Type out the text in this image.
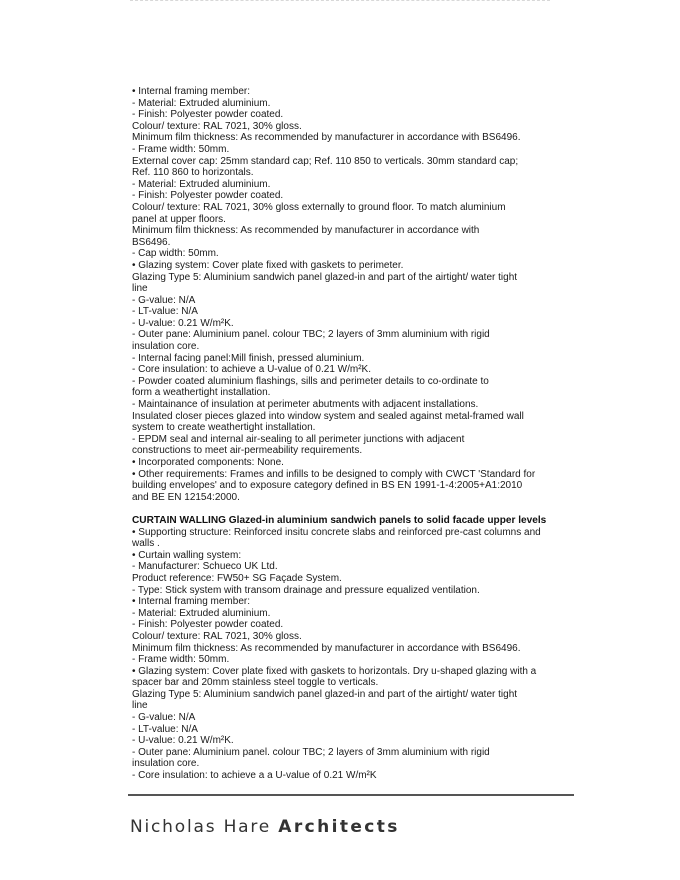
• Internal framing member:
- Material: Extruded aluminium.
- Finish: Polyester powder coated.
Colour/ texture: RAL 7021, 30% gloss.
Minimum film thickness: As recommended by manufacturer in accordance with BS6496.
- Frame width: 50mm.
External cover cap: 25mm standard cap; Ref. 110 850 to verticals. 30mm standard cap;
Ref. 110 860 to horizontals.
- Material: Extruded aluminium.
- Finish: Polyester powder coated.
Colour/ texture: RAL 7021, 30% gloss externally to ground floor. To match aluminium
panel at upper floors.
Minimum film thickness: As recommended by manufacturer in accordance with
BS6496.
- Cap width: 50mm.
• Glazing system: Cover plate fixed with gaskets to perimeter.
Glazing Type 5: Aluminium sandwich panel glazed-in and part of the airtight/ water tight
line
- G-value: N/A
- LT-value: N/A
- U-value: 0.21 W/m²K.
- Outer pane: Aluminium panel. colour TBC; 2 layers of 3mm aluminium with rigid
insulation core.
- Internal facing panel:Mill finish, pressed aluminium.
- Core insulation: to achieve a U-value of 0.21 W/m²K.
- Powder coated aluminium flashings, sills and perimeter details to co-ordinate to
form a weathertight installation.
- Maintainance of insulation at perimeter abutments with adjacent installations.
Insulated closer pieces glazed into window system and sealed against metal-framed wall
system to create weathertight installation.
- EPDM seal and internal air-sealing to all perimeter junctions with adjacent
constructions to meet air-permeability requirements.
• Incorporated components: None.
• Other requirements: Frames and infills to be designed to comply with CWCT 'Standard for
building envelopes' and to exposure category defined in BS EN 1991-1-4:2005+A1:2010
and BE EN 12154:2000.
CURTAIN WALLING Glazed-in aluminium sandwich panels to solid facade upper levels
• Supporting structure: Reinforced insitu concrete slabs and reinforced pre-cast columns and
walls .
• Curtain walling system:
- Manufacturer: Schueco UK Ltd.
Product reference: FW50+ SG Façade System.
- Type: Stick system with transom drainage and pressure equalized ventilation.
• Internal framing member:
- Material: Extruded aluminium.
- Finish: Polyester powder coated.
Colour/ texture: RAL 7021, 30% gloss.
Minimum film thickness: As recommended by manufacturer in accordance with BS6496.
- Frame width: 50mm.
• Glazing system: Cover plate fixed with gaskets to horizontals. Dry u-shaped glazing with a
spacer bar and 20mm stainless steel toggle to verticals.
Glazing Type 5: Aluminium sandwich panel glazed-in and part of the airtight/ water tight
line
- G-value: N/A
- LT-value: N/A
- U-value: 0.21 W/m²K.
- Outer pane: Aluminium panel. colour TBC; 2 layers of 3mm aluminium with rigid
insulation core.
- Core insulation: to achieve a a U-value of 0.21 W/m²K
Nicholas Hare Architects
